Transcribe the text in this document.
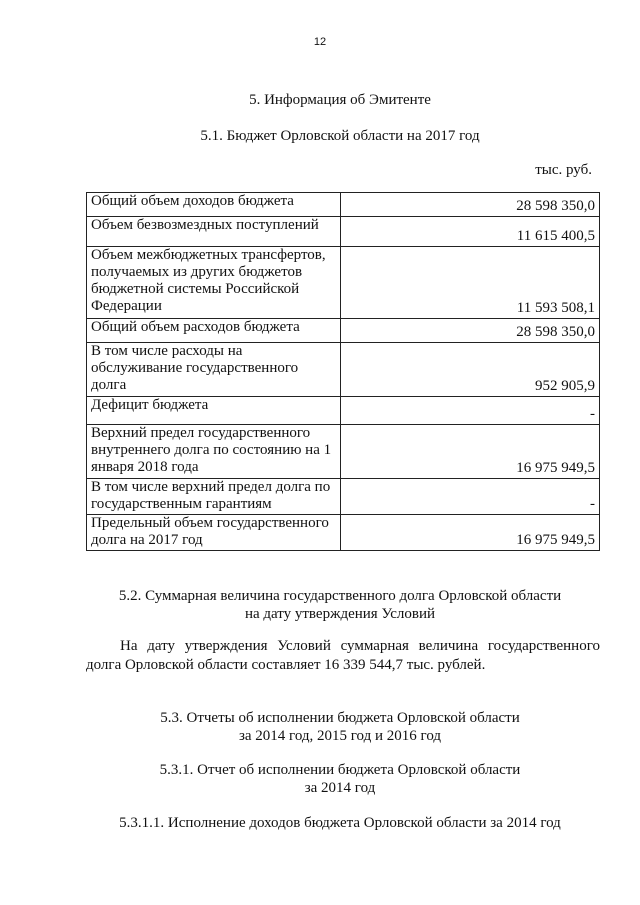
12
5. Информация об Эмитенте
5.1. Бюджет Орловской области на 2017 год
тыс. руб.
Общий объем доходов бюджета	28 598 350,0
Объем безвозмездных поступлений	11 615 400,5
Объем межбюджетных трансфертов, получаемых из других бюджетов бюджетной системы Российской Федерации	11 593 508,1
Общий объем расходов бюджета	28 598 350,0
В том числе расходы на обслуживание государственного долга	952 905,9
Дефицит бюджета	-
Верхний предел государственного внутреннего долга по состоянию на 1 января 2018 года	16 975 949,5
В том числе верхний предел долга по государственным гарантиям	-
Предельный объем государственного долга на 2017 год	16 975 949,5
5.2. Суммарная величина государственного долга Орловской области
на дату утверждения Условий
На дату утверждения Условий суммарная величина государственного долга Орловской области составляет 16 339 544,7 тыс. рублей.
5.3. Отчеты об исполнении бюджета Орловской области
за 2014 год, 2015 год и 2016 год
5.3.1. Отчет об исполнении бюджета Орловской области
за 2014 год
5.3.1.1. Исполнение доходов бюджета Орловской области за 2014 год
